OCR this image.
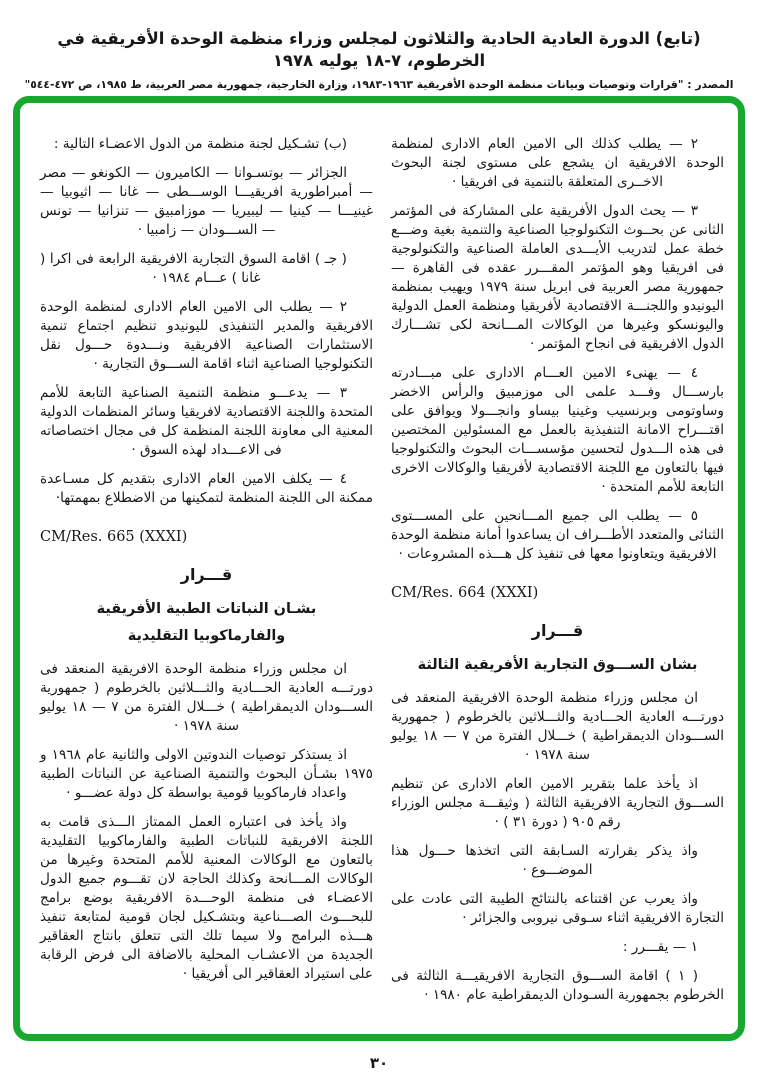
(تابع) الدورة العادية الحادية والثلاثون لمجلس وزراء منظمة الوحدة الأفريقية في الخرطوم، ٧-١٨ يوليه ١٩٧٨
المصدر : "قرارات وتوصيات وبيانات منظمة الوحدة الأفريقية ١٩٦٣-١٩٨٣، وزارة الخارجية، جمهورية مصر العربية، ط ١٩٨٥، ص ٤٧٢-٥٤٤"

٢ — يطلب كذلك الى الامين العام الادارى لمنظمة الوحدة الافريقية ان يشجع على مستوى لجنة البحوث الاخــرى المتعلقة بالتنمية فى افريقيا ·

٣ — يحث الدول الأفريقية على المشاركة فى المؤتمر الثانى عن بحــوث التكنولوجيا الصناعية والتنمية بغية وضـــع خطة عمل لتدريب الأيـــدى العاملة الصناعية والتكنولوجية فى افريقيا وهو المؤتمر المقـــرر عقده فى القاهرة — جمهورية مصر العربية فى ابريل سنة ١٩٧٩ ويهيب بمنظمة اليونيدو واللجنـــة الاقتصادية لأفريقيا ومنظمة العمل الدولية واليونسكو وغيرها من الوكالات المـــانحة لكى تشـــارك الدول الافريقية فى انجاح المؤتمر ·

٤ — يهنىء الامين العـــام الادارى على مبـــادرته بارســـال وفـــد علمى الى موزمبيق والرأس الاخضر وساوتومى وبرنسيب وغينيا بيساو وانجـــولا ويوافق على اقتـــراح الامانة التنفيذية بالعمل مع المسئولين المختصين فى هذه الـــدول لتحسين مؤسســـات البحوث والتكنولوجيا فيها بالتعاون مع اللجنة الاقتصادية لأفريقيا والوكالات الاخرى التابعة للأمم المتحدة ·

٥ — يطلب الى جميع المـــانحين على المســـتوى الثنائى والمتعدد الأطـــراف ان يساعدوا أمانة منظمة الوحدة الافريقية ويتعاونوا معها فى تنفيذ كل هـــذه المشروعات ·

CM/Res. 664 (XXXI)

قـــرار

بشان الســـوق التجارية الأفريقية الثالثة

ان مجلس وزراء منظمة الوحدة الافريقية المنعقد فى دورتـــه العادية الحـــادية والثـــلاثين بالخرطوم ( جمهورية الســـودان الديمقراطية ) خـــلال الفترة من ٧ — ١٨ يوليو سنة ١٩٧٨ ·

اذ يأخذ علما بتقرير الامين العام الادارى عن تنظيم الســـوق التجارية الافريقية الثالثة ( وثيقـــة مجلس الوزراء رقم ٩٠٥ ( دورة ٣١ ) ·

واذ يذكر بقرارته السـابقة التى اتخذها حـــول هذا الموضـــوع ·

واذ يعرب عن اقتناعه بالنتائج الطيبة التى عادت على التجارة الافريقية اثناء سـوقى نيروبى والجزائر ·

١ — يقـــرر :

( ١ ) اقامة الســـوق التجارية الافريقيـــة الثالثة فى الخرطوم بجمهورية السـودان الديمقراطية عام ١٩٨٠ ·

(ب) تشـكيل لجنة منظمة من الدول الاعضـاء التالية :

الجزائر — بوتسـوانا — الكاميرون — الكونغو — مصر — أمبراطورية افريقيـــا الوســـطى — غانا — اثيوبيا — غينيـــا — كينيا — ليبيريا — موزامبيق — تنزانيا — تونس — الســـودان — زامبيا ·

( جـ ) اقامة السوق التجارية الافريقية الرابعة فى اكرا ( غانا ) عـــام ١٩٨٤ ·

٢ — يطلب الى الامين العام الادارى لمنظمة الوحدة الافريقية والمدير التنفيذى لليونيدو تنظيم اجتماع تنمية الاستثمارات الصناعية الافريقية ونـــدوة حـــول نقل التكنولوجيا الصناعية اثناء اقامة الســـوق التجارية ·

٣ — يدعـــو منظمة التنمية الصناعية التابعة للأمم المتحدة واللجنة الاقتصادية لافريقيا وسائر المنظمات الدولية المعنية الى معاونة اللجنة المنظمة كل فى مجال اختصاصاته فى الاعـــداد لهذه السوق ·

٤ — يكلف الامين العام الادارى بتقديم كل مسـاعدة ممكنة الى اللجنة المنظمة لتمكينها من الاضطلاع بمهمتها·

CM/Res. 665 (XXXI)

قـــرار

بشـان النباتات الطبية الأفريقية

والفارماكوبيا التقليدية

ان مجلس وزراء منظمة الوحدة الافريقية المنعقد فى دورتـــه العادية الحـــادية والثـــلاثين بالخرطوم ( جمهورية الســـودان الديمقراطية ) خـــلال الفترة من ٧ — ١٨ يوليو سنة ١٩٧٨ ·

اذ يستذكر توصيات الندوتين الاولى والثانية عام ١٩٦٨ و ١٩٧٥ بشـأن البحوث والتنمية الصناعية عن النباتات الطبية واعداد فارماكوبيا قومية بواسطة كل دولة عضـــو ·

واذ يأخذ فى اعتباره العمل الممتاز الـــذى قامت به اللجنة الافريقية للنباتات الطبية والفارماكوبيا التقليدية بالتعاون مع الوكالات المعنية للأمم المتحدة وغيرها من الوكالات المـــانحة وكذلك الحاجة لان تقـــوم جميع الدول الاعضـاء فى منظمة الوحـــدة الافريقية بوضع برامج للبحـــوث الصـــناعية وبتشـكيل لجان قومية لمتابعة تنفيذ هـــذه البرامج ولا سيما تلك التى تتعلق بانتاج العقاقير الجديدة من الاعشـاب المحلية بالاضافة الى فرض الرقابة على استيراد العقاقير الى أفريقيا ·

٣٠
